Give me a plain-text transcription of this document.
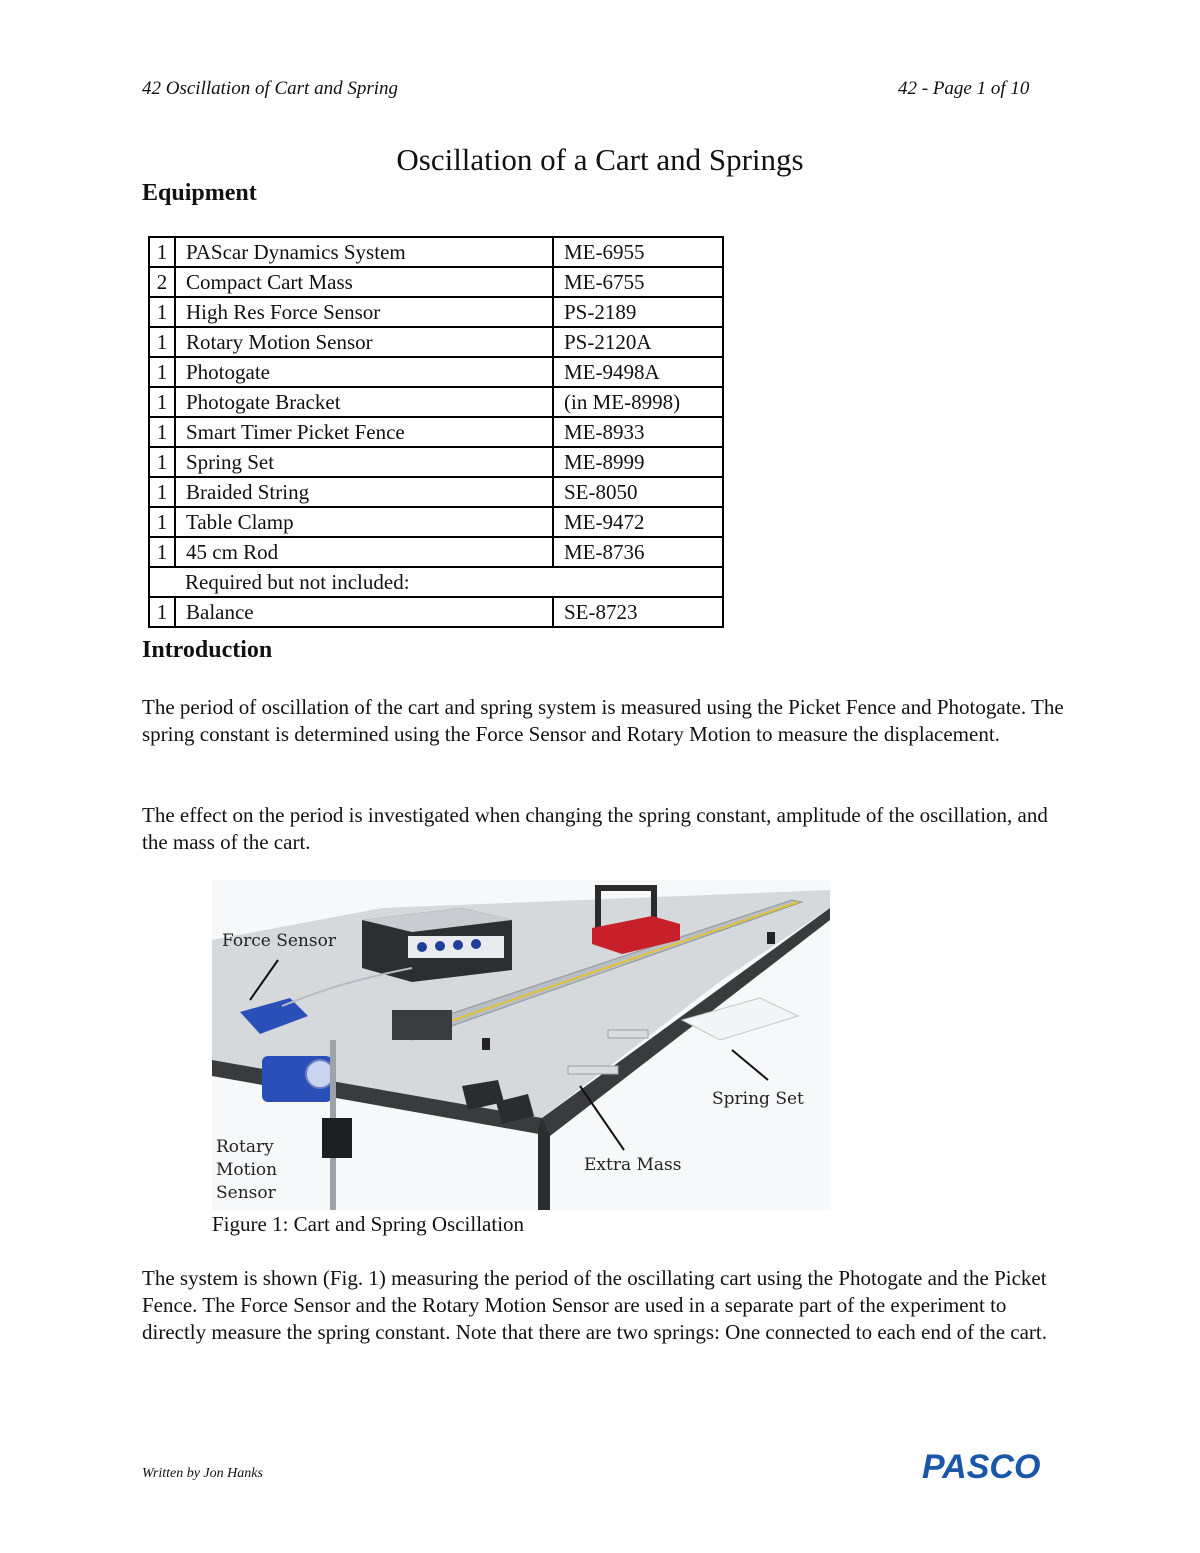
42 Oscillation of Cart and Spring	42 - Page 1 of 10
Oscillation of a Cart and Springs
Equipment
1	PAScar Dynamics System	ME-6955
2	Compact Cart Mass	ME-6755
1	High Res Force Sensor	PS-2189
1	Rotary Motion Sensor	PS-2120A
1	Photogate	ME-9498A
1	Photogate Bracket	(in ME-8998)
1	Smart Timer Picket Fence	ME-8933
1	Spring Set	ME-8999
1	Braided String	SE-8050
1	Table Clamp	ME-9472
1	45 cm Rod	ME-8736
	Required but not included:	
1	Balance	SE-8723
Introduction
The period of oscillation of the cart and spring system is measured using the Picket Fence and Photogate. The spring constant is determined using the Force Sensor and Rotary Motion to measure the displacement.
The effect on the period is investigated when changing the spring constant, amplitude of the oscillation, and the mass of the cart.
Force Sensor
Rotary Motion Sensor
Spring Set
Extra Mass
Figure 1: Cart and Spring Oscillation
The system is shown (Fig. 1) measuring the period of the oscillating cart using the Photogate and the Picket Fence. The Force Sensor and the Rotary Motion Sensor are used in a separate part of the experiment to directly measure the spring constant. Note that there are two springs: One connected to each end of the cart.
Written by Jon Hanks	PASCO
